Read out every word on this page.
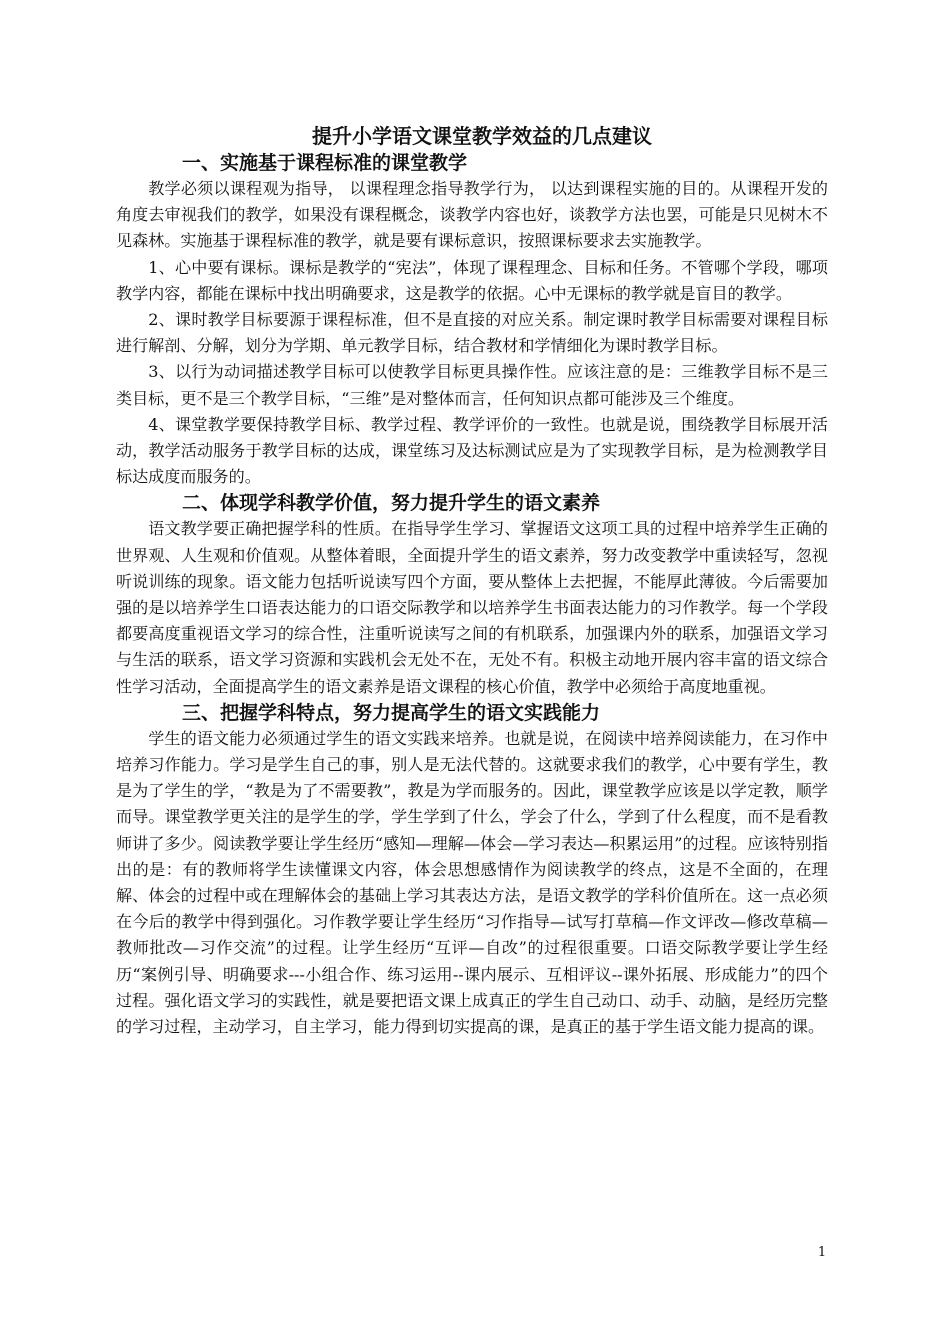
提升小学语文课堂教学效益的几点建议
一、实施基于课程标准的课堂教学

教学必须以课程观为指导， 以课程理念指导教学行为， 以达到课程实施的目的。从课程开发的角度去审视我们的教学，如果没有课程概念，谈教学内容也好，谈教学方法也罢，可能是只见树木不见森林。实施基于课程标准的教学，就是要有课标意识，按照课标要求去实施教学。

1、心中要有课标。课标是教学的“宪法”，体现了课程理念、目标和任务。不管哪个学段，哪项教学内容，都能在课标中找出明确要求，这是教学的依据。心中无课标的教学就是盲目的教学。

2、课时教学目标要源于课程标准，但不是直接的对应关系。制定课时教学目标需要对课程目标进行解剖、分解，划分为学期、单元教学目标，结合教材和学情细化为课时教学目标。

3、以行为动词描述教学目标可以使教学目标更具操作性。应该注意的是：三维教学目标不是三类目标，更不是三个教学目标，“三维”是对整体而言，任何知识点都可能涉及三个维度。

4、课堂教学要保持教学目标、教学过程、教学评价的一致性。也就是说，围绕教学目标展开活动，教学活动服务于教学目标的达成，课堂练习及达标测试应是为了实现教学目标，是为检测教学目标达成度而服务的。

二、体现学科教学价值，努力提升学生的语文素养

语文教学要正确把握学科的性质。在指导学生学习、掌握语文这项工具的过程中培养学生正确的世界观、人生观和价值观。从整体着眼，全面提升学生的语文素养，努力改变教学中重读轻写，忽视听说训练的现象。语文能力包括听说读写四个方面，要从整体上去把握，不能厚此薄彼。今后需要加强的是以培养学生口语表达能力的口语交际教学和以培养学生书面表达能力的习作教学。每一个学段都要高度重视语文学习的综合性，注重听说读写之间的有机联系，加强课内外的联系，加强语文学习与生活的联系，语文学习资源和实践机会无处不在，无处不有。积极主动地开展内容丰富的语文综合性学习活动，全面提高学生的语文素养是语文课程的核心价值，教学中必须给于高度地重视。

三、把握学科特点，努力提高学生的语文实践能力

学生的语文能力必须通过学生的语文实践来培养。也就是说，在阅读中培养阅读能力，在习作中培养习作能力。学习是学生自己的事，别人是无法代替的。这就要求我们的教学，心中要有学生，教是为了学生的学，“教是为了不需要教”，教是为学而服务的。因此，课堂教学应该是以学定教，顺学而导。课堂教学更关注的是学生的学，学生学到了什么，学会了什么，学到了什么程度，而不是看教师讲了多少。阅读教学要让学生经历“感知—理解—体会—学习表达—积累运用”的过程。应该特别指出的是：有的教师将学生读懂课文内容，体会思想感情作为阅读教学的终点，这是不全面的，在理解、体会的过程中或在理解体会的基础上学习其表达方法，是语文教学的学科价值所在。这一点必须在今后的教学中得到强化。习作教学要让学生经历“习作指导—试写打草稿—作文评改—修改草稿—教师批改—习作交流”的过程。让学生经历“互评—自改”的过程很重要。口语交际教学要让学生经历“案例引导、明确要求---小组合作、练习运用--课内展示、互相评议--课外拓展、形成能力”的四个过程。强化语文学习的实践性，就是要把语文课上成真正的学生自己动口、动手、动脑，是经历完整的学习过程，主动学习，自主学习，能力得到切实提高的课，是真正的基于学生语文能力提高的课。

1
